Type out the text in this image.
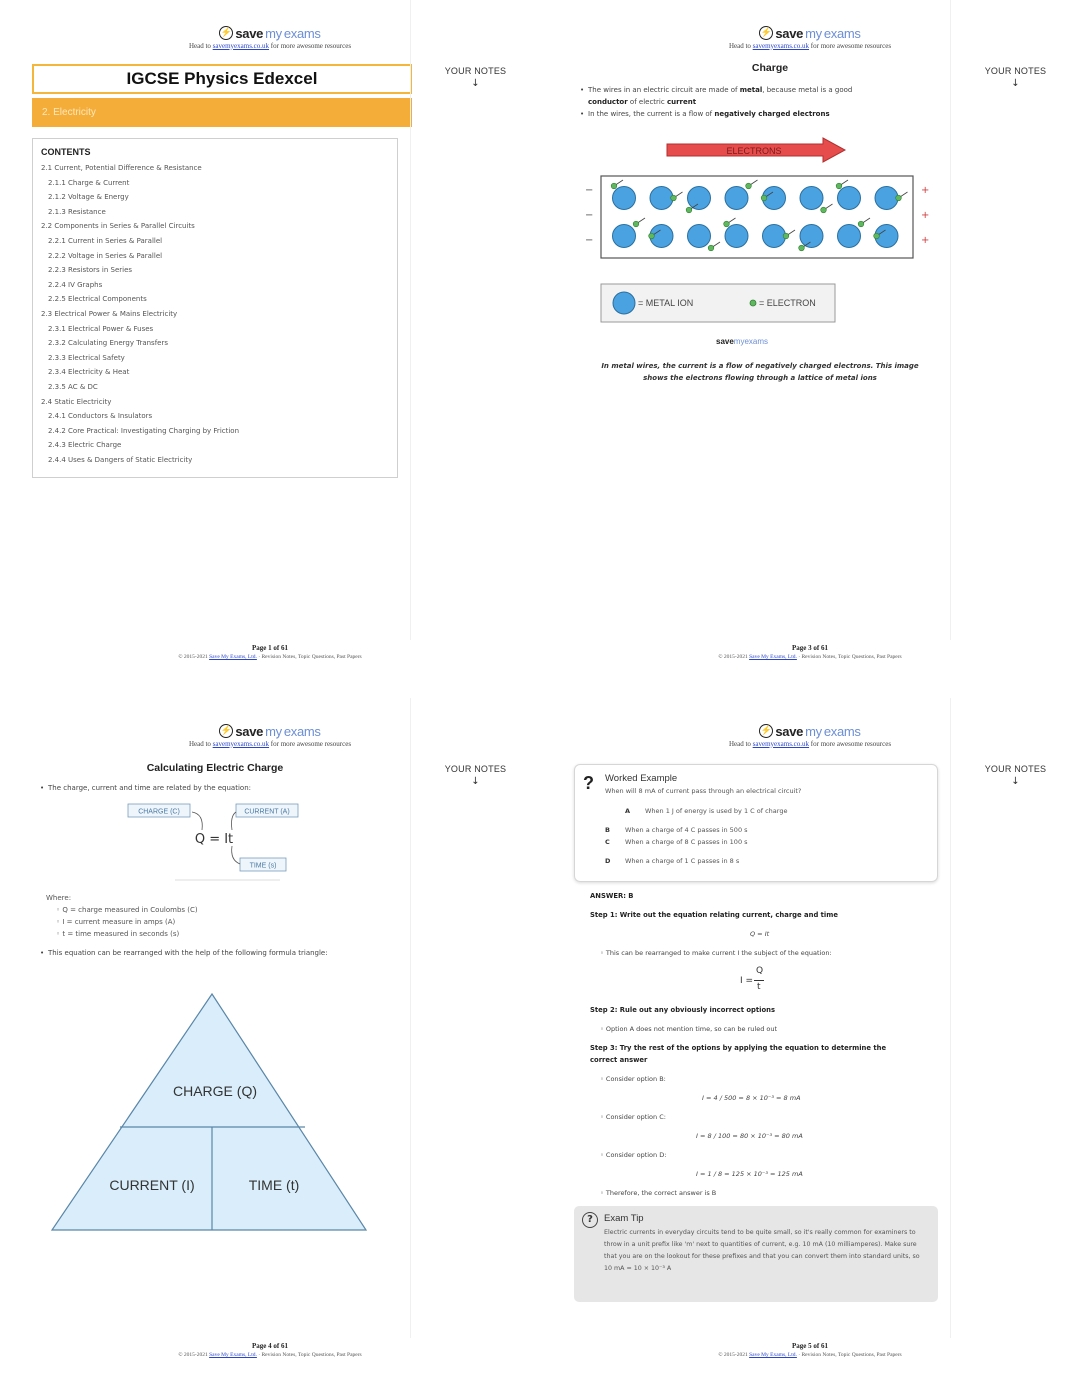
⚡ save my exams
Head to savemyexams.co.uk for more awesome resources
IGCSE Physics Edexcel
2. Electricity
CONTENTS
2.1 Current, Potential Difference & Resistance
2.1.1 Charge & Current
2.1.2 Voltage & Energy
2.1.3 Resistance
2.2 Components in Series & Parallel Circuits
2.2.1 Current in Series & Parallel
2.2.2 Voltage in Series & Parallel
2.2.3 Resistors in Series
2.2.4 IV Graphs
2.2.5 Electrical Components
2.3 Electrical Power & Mains Electricity
2.3.1 Electrical Power & Fuses
2.3.2 Calculating Energy Transfers
2.3.3 Electrical Safety
2.3.4 Electricity & Heat
2.3.5 AC & DC
2.4 Static Electricity
2.4.1 Conductors & Insulators
2.4.2 Core Practical: Investigating Charging by Friction
2.4.3 Electric Charge
2.4.4 Uses & Dangers of Static Electricity
YOUR NOTES
↓
Page 1 of 61
© 2015-2021 Save My Exams, Ltd. · Revision Notes, Topic Questions, Past Papers
⚡ save my exams
Head to savemyexams.co.uk for more awesome resources
Charge
• The wires in an electric circuit are made of metal, because metal is a good
conductor of electric current
• In the wires, the current is a flow of negatively charged electrons
ELECTRONS
−
−
−
+
+
+
= METAL ION	= ELECTRON
savemyexams
In metal wires, the current is a flow of negatively charged electrons. This image
shows the electrons flowing through a lattice of metal ions
YOUR NOTES
↓
Page 3 of 61
© 2015-2021 Save My Exams, Ltd. · Revision Notes, Topic Questions, Past Papers
⚡ save my exams
Head to savemyexams.co.uk for more awesome resources
Calculating Electric Charge
• The charge, current and time are related by the equation:
CHARGE (C)	CURRENT (A)
TIME (s)
Q = It
Where:
◦ Q = charge measured in Coulombs (C)
◦ I = current measure in amps (A)
◦ t = time measured in seconds (s)
• This equation can be rearranged with the help of the following formula triangle:
CHARGE (Q)
CURRENT (I)	TIME (t)
YOUR NOTES
↓
Page 4 of 61
© 2015-2021 Save My Exams, Ltd. · Revision Notes, Topic Questions, Past Papers
⚡ save my exams
Head to savemyexams.co.uk for more awesome resources
? Worked Example
When will 8 mA of current pass through an electrical circuit?
A When 1 J of energy is used by 1 C of charge
B When a charge of 4 C passes in 500 s
C When a charge of 8 C passes in 100 s
D When a charge of 1 C passes in 8 s
ANSWER: B
Step 1: Write out the equation relating current, charge and time
Q = It
◦ This can be rearranged to make current I the subject of the equation:
I =
Q
t
Step 2: Rule out any obviously incorrect options
◦ Option A does not mention time, so can be ruled out
Step 3: Try the rest of the options by applying the equation to determine the
correct answer
◦ Consider option B:
I = 4 / 500 = 8 × 10⁻³ = 8 mA
◦ Consider option C:
I = 8 / 100 = 80 × 10⁻³ = 80 mA
◦ Consider option D:
I = 1 / 8 = 125 × 10⁻³ = 125 mA
◦ Therefore, the correct answer is B
?	Exam Tip
Electric currents in everyday circuits tend to be quite small, so it's really common for examiners to throw in a unit prefix like 'm' next to quantities of current, e.g. 10 mA (10 milliamperes). Make sure that you are on the lookout for these prefixes and that you can convert them into standard units, so 10 mA = 10 × 10⁻³ A
YOUR NOTES
↓
Page 5 of 61
© 2015-2021 Save My Exams, Ltd. · Revision Notes, Topic Questions, Past Papers
